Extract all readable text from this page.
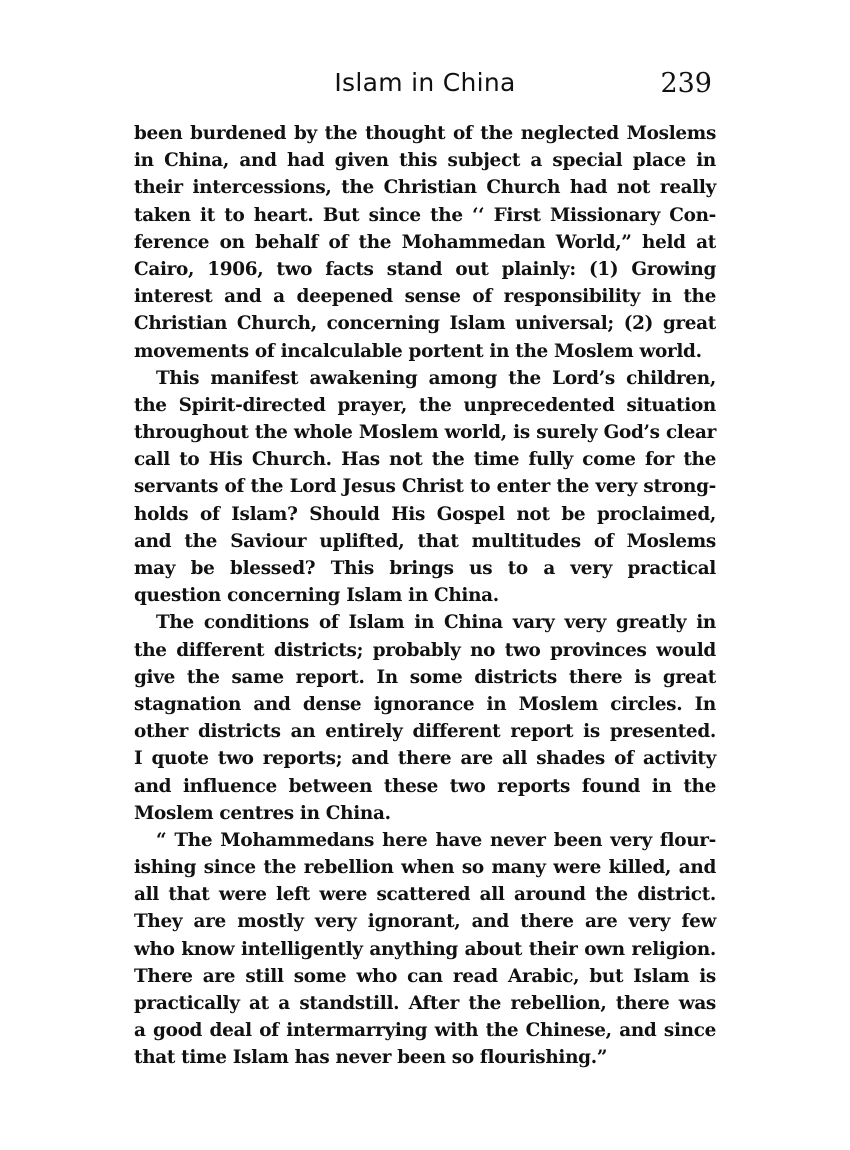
Islam in China	239
been burdened by the thought of the neglected Moslems
in China, and had given this subject a special place in
their intercessions, the Christian Church had not really
taken it to heart. But since the ‘‘ First Missionary Con-
ference on behalf of the Mohammedan World,” held at
Cairo, 1906, two facts stand out plainly: (1) Growing
interest and a deepened sense of responsibility in the
Christian Church, concerning Islam universal; (2) great
movements of incalculable portent in the Moslem world.
This manifest awakening among the Lord’s children,
the Spirit-directed prayer, the unprecedented situation
throughout the whole Moslem world, is surely God’s clear
call to His Church. Has not the time fully come for the
servants of the Lord Jesus Christ to enter the very strong-
holds of Islam? Should His Gospel not be proclaimed,
and the Saviour uplifted, that multitudes of Moslems
may be blessed? This brings us to a very practical
question concerning Islam in China.
The conditions of Islam in China vary very greatly in
the different districts; probably no two provinces would
give the same report. In some districts there is great
stagnation and dense ignorance in Moslem circles. In
other districts an entirely different report is presented.
I quote two reports; and there are all shades of activity
and influence between these two reports found in the
Moslem centres in China.
“ The Mohammedans here have never been very flour-
ishing since the rebellion when so many were killed, and
all that were left were scattered all around the district.
They are mostly very ignorant, and there are very few
who know intelligently anything about their own religion.
There are still some who can read Arabic, but Islam is
practically at a standstill. After the rebellion, there was
a good deal of intermarrying with the Chinese, and since
that time Islam has never been so flourishing.”
